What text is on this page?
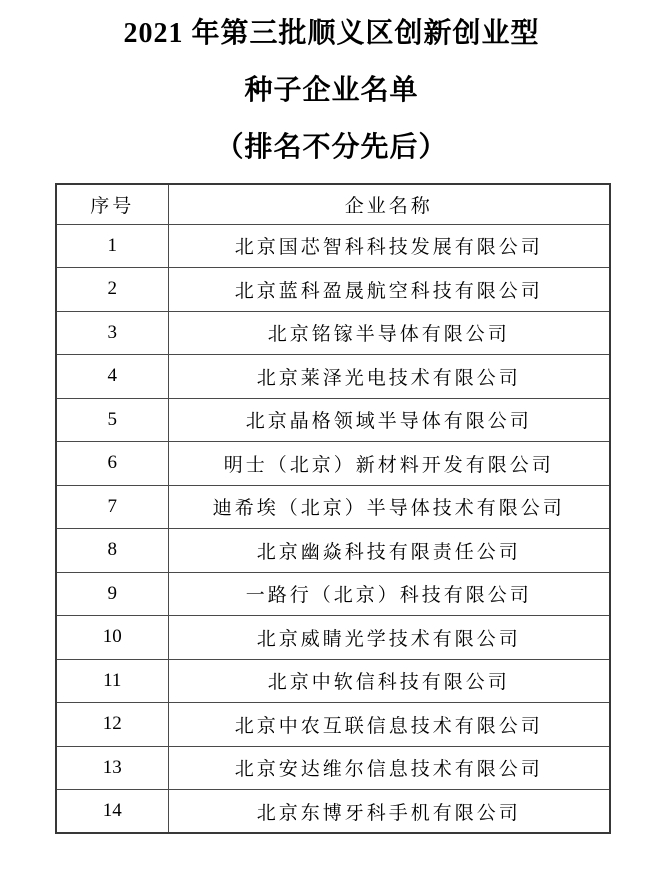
2021 年第三批顺义区创新创业型
种子企业名单
（排名不分先后）
序号	企业名称
1	北京国芯智科科技发展有限公司
2	北京蓝科盈晟航空科技有限公司
3	北京铭镓半导体有限公司
4	北京莱泽光电技术有限公司
5	北京晶格领域半导体有限公司
6	明士（北京）新材料开发有限公司
7	迪希埃（北京）半导体技术有限公司
8	北京幽焱科技有限责任公司
9	一路行（北京）科技有限公司
10	北京威睛光学技术有限公司
11	北京中软信科技有限公司
12	北京中农互联信息技术有限公司
13	北京安达维尔信息技术有限公司
14	北京东博牙科手机有限公司
